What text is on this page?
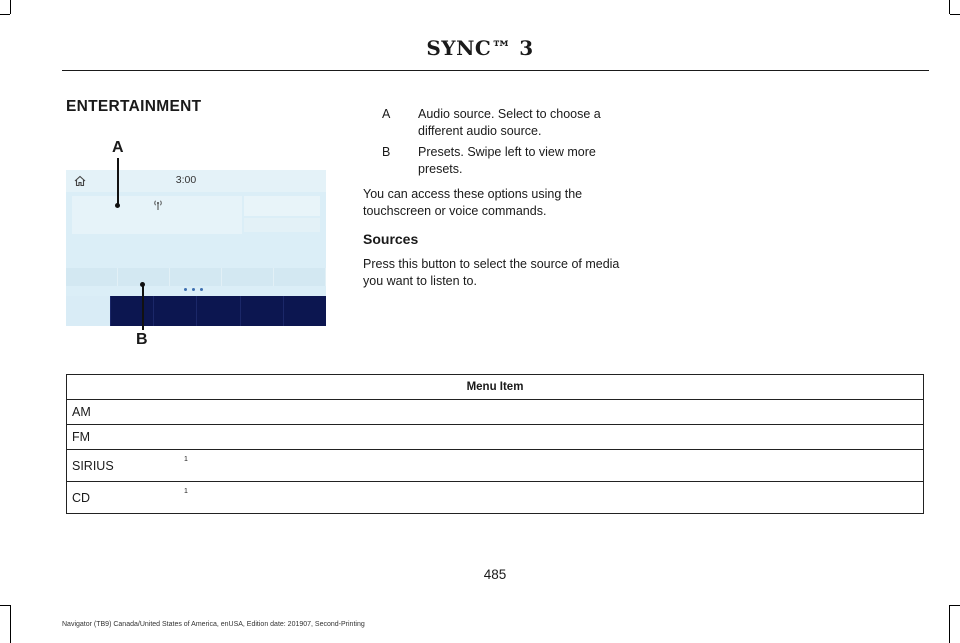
SYNC™ 3
ENTERTAINMENT
3:00
A
B
A Audio source. Select to choose a different audio source.
B Presets. Swipe left to view more presets.
You can access these options using the touchscreen or voice commands.
Sources
Press this button to select the source of media you want to listen to.
Menu Item
AM
FM
SIRIUS	1

CD	1
485
Navigator (TB9) Canada/United States of America, enUSA, Edition date: 201907, Second-Printing
